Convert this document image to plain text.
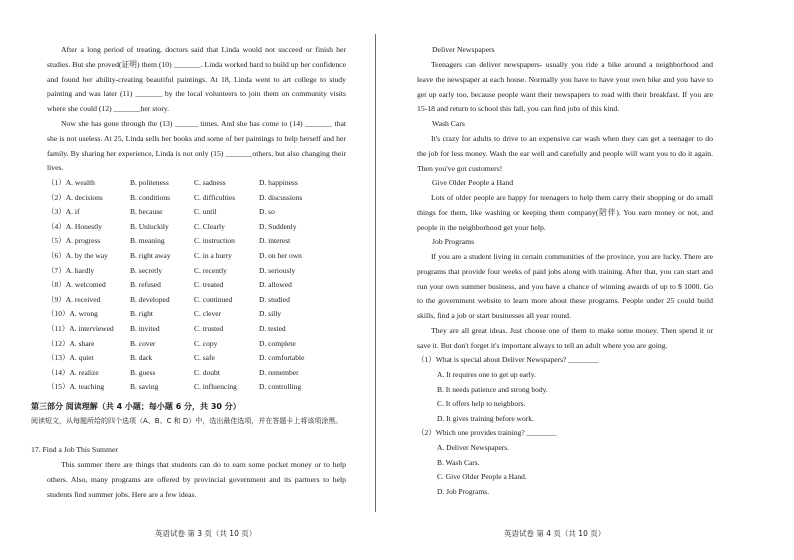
After a long period of treating, doctors said that Linda would not succeed or finish her studies. But she proved(证明) them (10) _______. Linda worked hard to build up her confidence and found her ability-creating beautiful paintings. At 18, Linda went to art college to study painting and was later (11) _______ by the local volunteers to join them on community visits where she could (12) _______her story.

Now she has gone through the (13) ______ times. And she has come to (14) _______ that she is not useless. At 25, Linda sells her books and some of her paintings to help herself and her family. By sharing her experience, Linda is not only (15) _______others, but also changing their lives.

（1）A. wealth	B. politeness	C. sadness	D. happiness
（2）A. decisions	B. conditions	C. difficulties	D. discussions
（3）A. if	B. because	C. until	D. so
（4）A. Honestly	B. Unluckily	C. Clearly	D. Suddenly
（5）A. progress	B. meaning	C. instruction	D. interest
（6）A. by the way	B. right away	C. in a hurry	D. on her own
（7）A. hardly	B. secretly	C. recently	D. seriously
（8）A. welcomed	B. refused	C. treated	D. allowed
（9）A. received	B. developed	C. continued	D. studied
（10）A. wrong	B. right	C. clever	D. silly
（11）A. interviewed	B. invited	C. trusted	D. tested
（12）A. share	B. cover	C. copy	D. complete
（13）A. quiet	B. dark	C. safe	D. comfortable
（14）A. realize	B. guess	C. doubt	D. remember
（15）A. teaching	B. saving	C. influencing	D. controlling
第三部分 阅读理解（共 4 小题；每小题 6 分，共 30 分）
阅读短文，从每题所给的四个选项（A、B、C 和 D）中，选出最佳选项，并在答题卡上将该项涂黑。
17. Find a Job This Summer

This summer there are things that students can do to earn some pocket money or to help others. Also, many programs are offered by provincial government and its partners to help students find summer jobs. Here are a few ideas.

英语试卷 第 3 页（共 10 页）
Deliver Newspapers

Teenagers can deliver newspapers- usually you ride a bike around a neighborhood and leave the newspaper at each house. Normally you have to have your own bike and you have to get up early too, because people want their newspapers to read with their breakfast. If you are 15-18 and return to school this fall, you can find jobs of this kind.

Wash Cars

It's crazy for adults to drive to an expensive car wash when they can get a teenager to do the job for less money. Wash the ear well and carefully and people will want you to do it again. Then you've got customers!

Give Older People a Hand

Lots of older people are happy for teenagers to help them carry their shopping or do small things for them, like washing or keeping them company(陪伴). You earn money or not, and people in the neighborhood get your help.

Job Programs

If you are a student living in certain communities of the province, you are lucky. There are programs that provide four weeks of paid jobs along with training. After that, you can start and run your own summer business, and you have a chance of winning awards of up to $ 1000. Go to the government website to learn more about these programs. People under 25 could build skills, find a job or start businesses all year round.

They are all great ideas. Just choose one of them to make some money. Then spend it or save it. But don't forget it's important always to tell an adult where you are going.

（1）What is special about Deliver Newspapers? ________
A. It requires one to get up early.
B. It needs patience and strong body.
C. It offers help to neighbors.
D. It gives training before work.
（2）Which one provides training? ________
A. Deliver Newspapers.
B. Wash Cars.
C. Give Older People a Hand.
D. Job Programs.
英语试卷 第 4 页（共 10 页）
